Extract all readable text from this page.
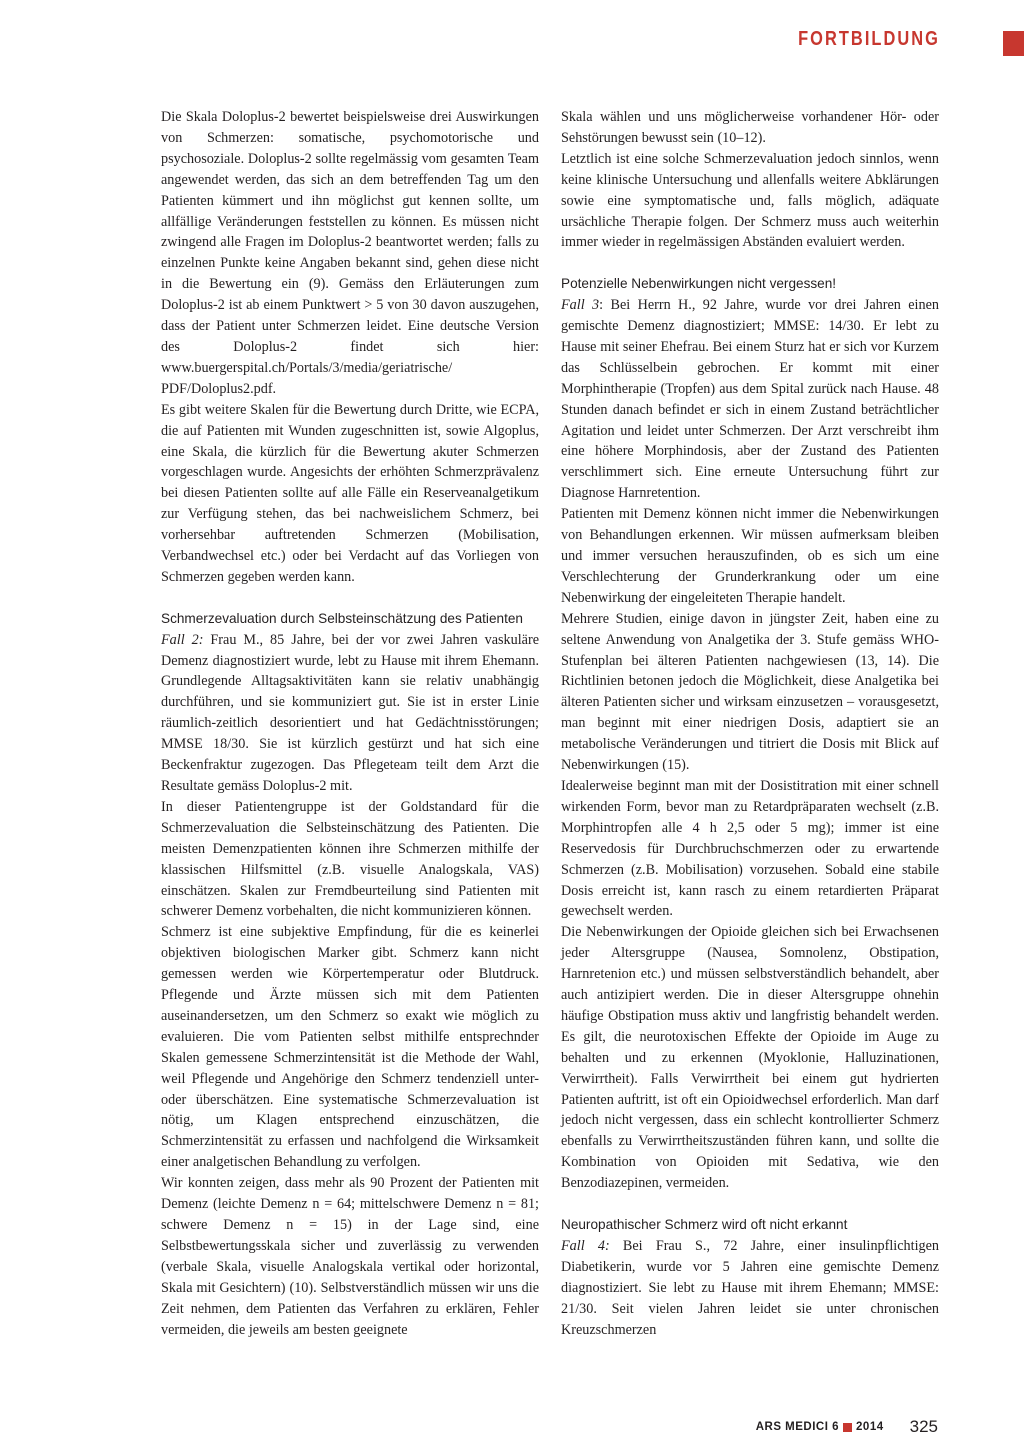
FORTBILDUNG

Die Skala Doloplus-2 bewertet beispielsweise drei Auswirkungen von Schmerzen: somatische, psychomotorische und psychosoziale. Doloplus-2 sollte regelmässig vom gesamten Team angewendet werden, das sich an dem betreffenden Tag um den Patienten kümmert und ihn möglichst gut kennen sollte, um allfällige Veränderungen feststellen zu können. Es müssen nicht zwingend alle Fragen im Doloplus-2 beantwortet werden; falls zu einzelnen Punkte keine Angaben bekannt sind, gehen diese nicht in die Bewertung ein (9). Gemäss den Erläuterungen zum Doloplus-2 ist ab einem Punktwert > 5 von 30 davon auszugehen, dass der Patient unter Schmerzen leidet. Eine deutsche Version des Doloplus-2 findet sich hier: www.buergerspital.ch/Portals/3/media/geriatrische/ PDF/Doloplus2.pdf.

Es gibt weitere Skalen für die Bewertung durch Dritte, wie ECPA, die auf Patienten mit Wunden zugeschnitten ist, sowie Algoplus, eine Skala, die kürzlich für die Bewertung akuter Schmerzen vorgeschlagen wurde. Angesichts der erhöhten Schmerzprävalenz bei diesen Patienten sollte auf alle Fälle ein Reserveanalgetikum zur Verfügung stehen, das bei nachweislichem Schmerz, bei vorhersehbar auftretenden Schmerzen (Mobilisation, Verbandwechsel etc.) oder bei Verdacht auf das Vorliegen von Schmerzen gegeben werden kann.

Schmerzevaluation durch Selbsteinschätzung des Patienten

Fall 2: Frau M., 85 Jahre, bei der vor zwei Jahren vaskuläre Demenz diagnostiziert wurde, lebt zu Hause mit ihrem Ehemann. Grundlegende Alltagsaktivitäten kann sie relativ unabhängig durchführen, und sie kommuniziert gut. Sie ist in erster Linie räumlich-zeitlich desorientiert und hat Gedächtnisstörungen; MMSE 18/30. Sie ist kürzlich gestürzt und hat sich eine Beckenfraktur zugezogen. Das Pflegeteam teilt dem Arzt die Resultate gemäss Doloplus-2 mit.

In dieser Patientengruppe ist der Goldstandard für die Schmerzevaluation die Selbsteinschätzung des Patienten. Die meisten Demenzpatienten können ihre Schmerzen mithilfe der klassischen Hilfsmittel (z.B. visuelle Analogskala, VAS) einschätzen. Skalen zur Fremdbeurteilung sind Patienten mit schwerer Demenz vorbehalten, die nicht kommunizieren können.

Schmerz ist eine subjektive Empfindung, für die es keinerlei objektiven biologischen Marker gibt. Schmerz kann nicht gemessen werden wie Körpertemperatur oder Blutdruck. Pflegende und Ärzte müssen sich mit dem Patienten auseinandersetzen, um den Schmerz so exakt wie möglich zu evaluieren. Die vom Patienten selbst mithilfe entsprechnder Skalen gemessene Schmerzintensität ist die Methode der Wahl, weil Pflegende und Angehörige den Schmerz tendenziell unter- oder überschätzen. Eine systematische Schmerzevaluation ist nötig, um Klagen entsprechend einzuschätzen, die Schmerzintensität zu erfassen und nachfolgend die Wirksamkeit einer analgetischen Behandlung zu verfolgen.

Wir konnten zeigen, dass mehr als 90 Prozent der Patienten mit Demenz (leichte Demenz n = 64; mittelschwere Demenz n = 81; schwere Demenz n = 15) in der Lage sind, eine Selbstbewertungsskala sicher und zuverlässig zu verwenden (verbale Skala, visuelle Analogskala vertikal oder horizontal, Skala mit Gesichtern) (10). Selbstverständlich müssen wir uns die Zeit nehmen, dem Patienten das Verfahren zu erklären, Fehler vermeiden, die jeweils am besten geeignete

Skala wählen und uns möglicherweise vorhandener Hör- oder Sehstörungen bewusst sein (10–12).

Letztlich ist eine solche Schmerzevaluation jedoch sinnlos, wenn keine klinische Untersuchung und allenfalls weitere Abklärungen sowie eine symptomatische und, falls möglich, adäquate ursächliche Therapie folgen. Der Schmerz muss auch weiterhin immer wieder in regelmässigen Abständen evaluiert werden.

Potenzielle Nebenwirkungen nicht vergessen!

Fall 3: Bei Herrn H., 92 Jahre, wurde vor drei Jahren einen gemischte Demenz diagnostiziert; MMSE: 14/30. Er lebt zu Hause mit seiner Ehefrau. Bei einem Sturz hat er sich vor Kurzem das Schlüsselbein gebrochen. Er kommt mit einer Morphintherapie (Tropfen) aus dem Spital zurück nach Hause. 48 Stunden danach befindet er sich in einem Zustand beträchtlicher Agitation und leidet unter Schmerzen. Der Arzt verschreibt ihm eine höhere Morphindosis, aber der Zustand des Patienten verschlimmert sich. Eine erneute Untersuchung führt zur Diagnose Harnretention.

Patienten mit Demenz können nicht immer die Nebenwirkungen von Behandlungen erkennen. Wir müssen aufmerksam bleiben und immer versuchen herauszufinden, ob es sich um eine Verschlechterung der Grunderkrankung oder um eine Nebenwirkung der eingeleiteten Therapie handelt.

Mehrere Studien, einige davon in jüngster Zeit, haben eine zu seltene Anwendung von Analgetika der 3. Stufe gemäss WHO-Stufenplan bei älteren Patienten nachgewiesen (13, 14). Die Richtlinien betonen jedoch die Möglichkeit, diese Analgetika bei älteren Patienten sicher und wirksam einzusetzen – vorausgesetzt, man beginnt mit einer niedrigen Dosis, adaptiert sie an metabolische Veränderungen und titriert die Dosis mit Blick auf Nebenwirkungen (15).

Idealerweise beginnt man mit der Dosistitration mit einer schnell wirkenden Form, bevor man zu Retardpräparaten wechselt (z.B. Morphintropfen alle 4 h 2,5 oder 5 mg); immer ist eine Reservedosis für Durchbruchschmerzen oder zu erwartende Schmerzen (z.B. Mobilisation) vorzusehen. Sobald eine stabile Dosis erreicht ist, kann rasch zu einem retardierten Präparat gewechselt werden.

Die Nebenwirkungen der Opioide gleichen sich bei Erwachsenen jeder Altersgruppe (Nausea, Somnolenz, Obstipation, Harnretenion etc.) und müssen selbstverständlich behandelt, aber auch antizipiert werden. Die in dieser Altersgruppe ohnehin häufige Obstipation muss aktiv und langfristig behandelt werden. Es gilt, die neurotoxischen Effekte der Opioide im Auge zu behalten und zu erkennen (Myoklonie, Halluzinationen, Verwirrtheit). Falls Verwirrtheit bei einem gut hydrierten Patienten auftritt, ist oft ein Opioidwechsel erforderlich. Man darf jedoch nicht vergessen, dass ein schlecht kontrollierter Schmerz ebenfalls zu Verwirrtheitszuständen führen kann, und sollte die Kombination von Opioiden mit Sedativa, wie den Benzodiazepinen, vermeiden.

Neuropathischer Schmerz wird oft nicht erkannt

Fall 4: Bei Frau S., 72 Jahre, einer insulinpflichtigen Diabetikerin, wurde vor 5 Jahren eine gemischte Demenz diagnostiziert. Sie lebt zu Hause mit ihrem Ehemann; MMSE: 21/30. Seit vielen Jahren leidet sie unter chronischen Kreuzschmerzen

ARS MEDICI 6 2014 325
